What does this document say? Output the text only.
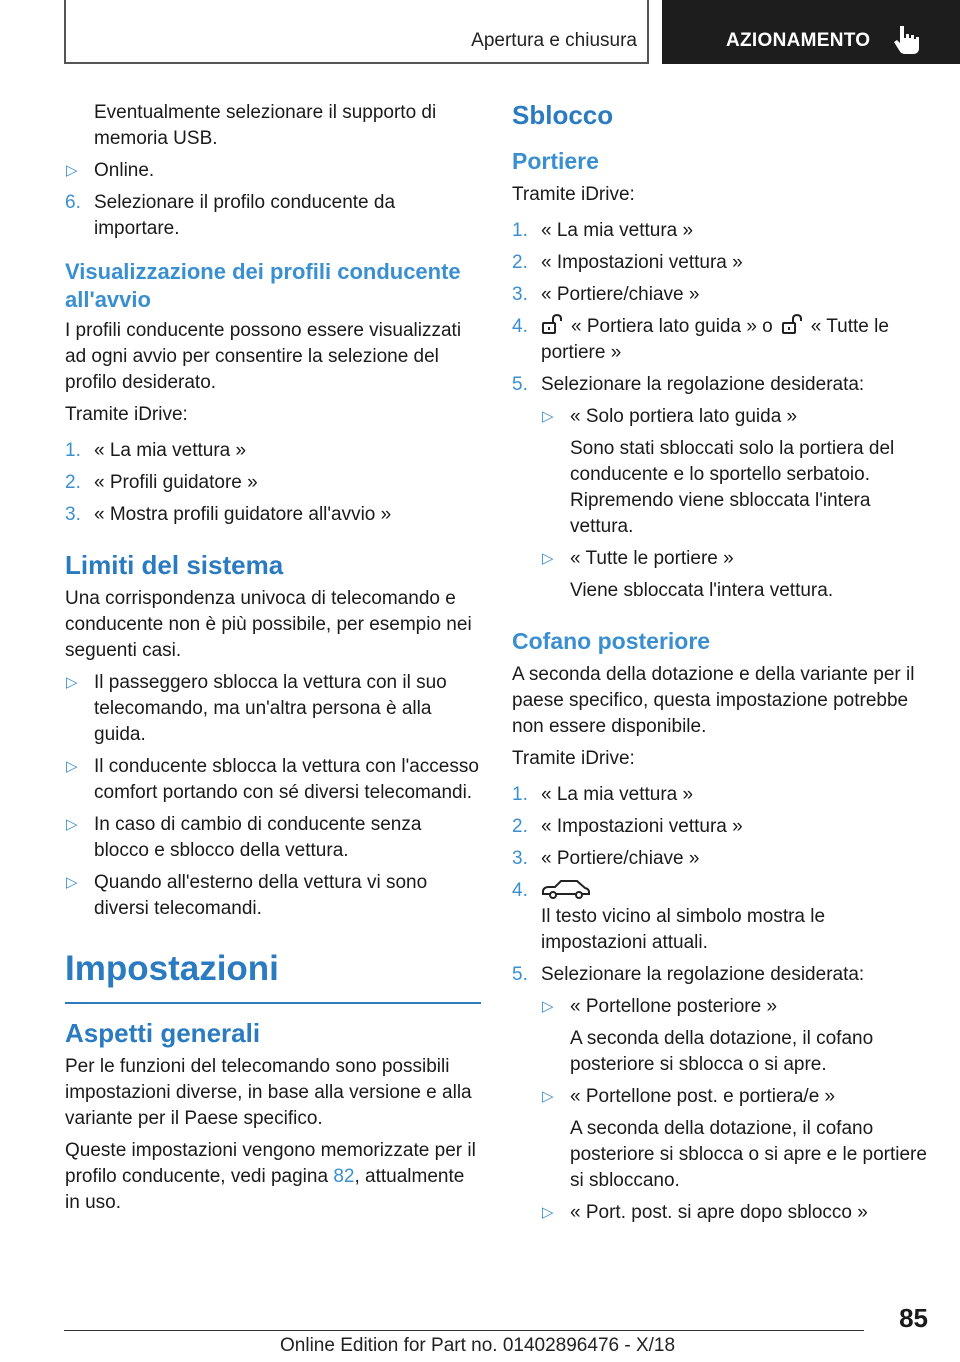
Apertura e chiusura	AZIONAMENTO

Eventualmente selezionare il supporto di memoria USB.

▷ Online.
6. Selezionare il profilo conducente da importare.
Visualizzazione dei profili conducente all'avvio

I profili conducente possono essere visualizzati ad ogni avvio per consentire la selezione del profilo desiderato.

Tramite iDrive:

1. « La mia vettura »
2. « Profili guidatore »
3. « Mostra profili guidatore all'avvio »
Limiti del sistema

Una corrispondenza univoca di telecomando e conducente non è più possibile, per esempio nei seguenti casi.

▷ Il passeggero sblocca la vettura con il suo telecomando, ma un'altra persona è alla guida.
▷ Il conducente sblocca la vettura con l'accesso comfort portando con sé diversi telecomandi.
▷ In caso di cambio di conducente senza blocco e sblocco della vettura.
▷ Quando all'esterno della vettura vi sono diversi telecomandi.
Impostazioni
Aspetti generali

Per le funzioni del telecomando sono possibili impostazioni diverse, in base alla versione e alla variante per il Paese specifico.

Queste impostazioni vengono memorizzate per il profilo conducente, vedi pagina 82, attualmente in uso.

Sblocco
Portiere

Tramite iDrive:

1. « La mia vettura »
2. « Impostazioni vettura »
3. « Portiere/chiave »
4. « Portiera lato guida » o « Tutte le portiere »
5. Selezionare la regolazione desiderata:
▷ « Solo portiera lato guida »

Sono stati sbloccati solo la portiera del conducente e lo sportello serbatoio. Ripremendo viene sbloccata l'intera vettura.

▷ « Tutte le portiere »

Viene sbloccata l'intera vettura.

Cofano posteriore

A seconda della dotazione e della variante per il paese specifico, questa impostazione potrebbe non essere disponibile.

Tramite iDrive:

1. « La mia vettura »
2. « Impostazioni vettura »
3. « Portiere/chiave »
4.
Il testo vicino al simbolo mostra le impostazioni attuali.
5. Selezionare la regolazione desiderata:
▷ « Portellone posteriore »

A seconda della dotazione, il cofano posteriore si sblocca o si apre.

▷ « Portellone post. e portiera/e »

A seconda della dotazione, il cofano posteriore si sblocca o si apre e le portiere si sbloccano.

▷ « Port. post. si apre dopo sblocco »
85
Online Edition for Part no. 01402896476 - X/18
